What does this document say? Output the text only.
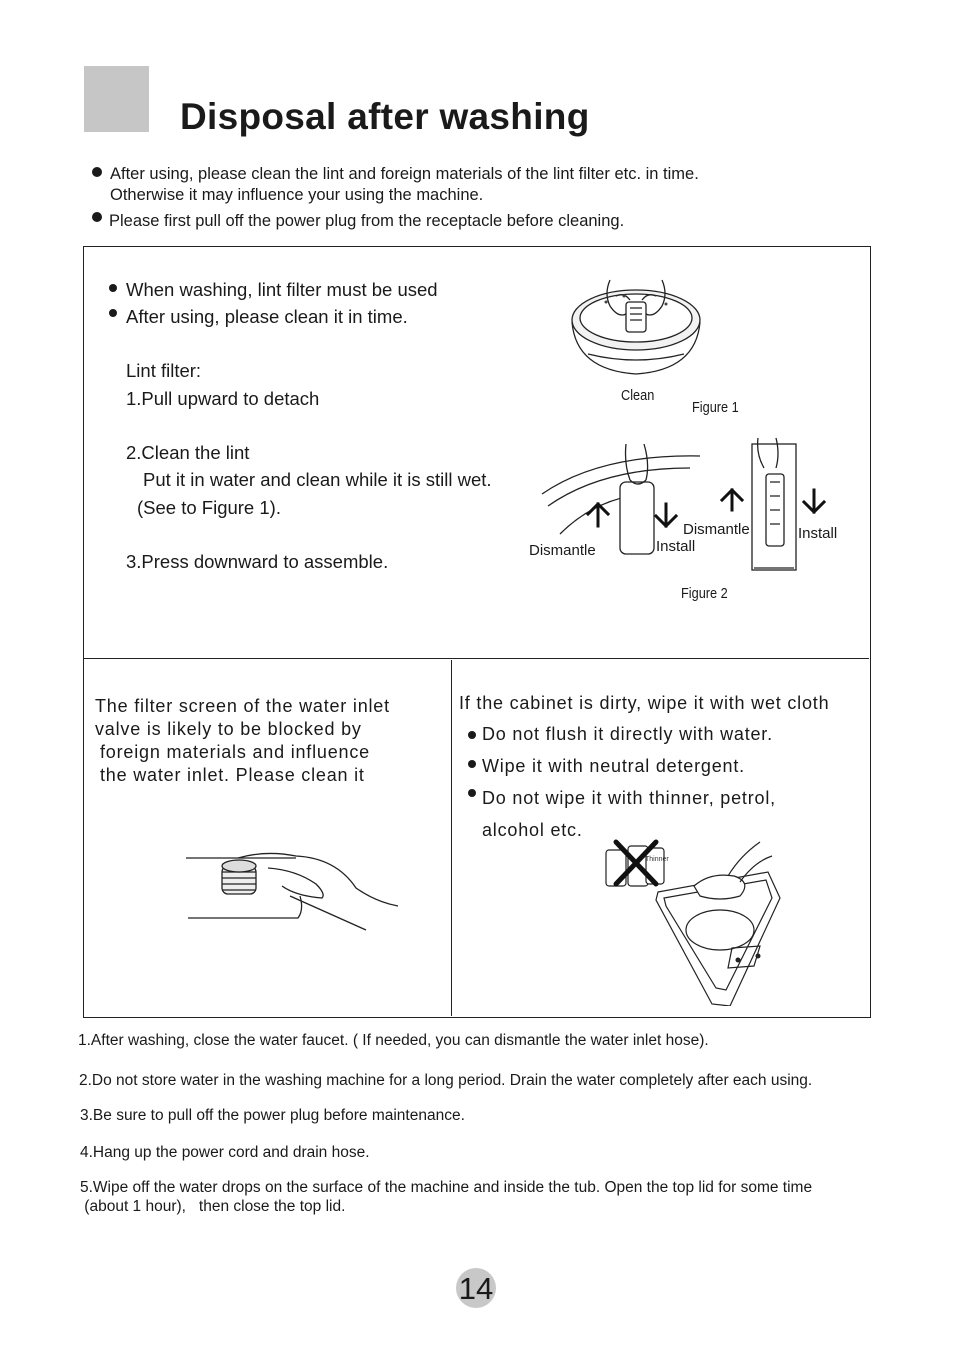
Disposal after washing
After using, please clean the lint and foreign materials of the lint filter etc. in time.
Otherwise it may influence your using the machine.
Please first pull off the power plug from the receptacle before cleaning.
When washing, lint filter must be used
After using, please clean it in time.
Lint filter:
1.Pull upward to detach
2.Clean the lint
Put it in water and clean while it is still wet.
(See to Figure 1).
3.Press downward to assemble.
Clean
Figure 1
Dismantle	Install
Dismantle	Install
Figure 2
The filter screen of the water inlet
valve is likely to be blocked by
foreign materials and influence
the water inlet. Please clean it
If the cabinet is dirty, wipe it with wet cloth
Do not flush it directly with water.
Wipe it with neutral detergent.
Do not wipe it with thinner, petrol,
alcohol etc.
Thinner
1.After washing, close the water faucet. ( If needed, you can dismantle the water inlet hose).
2.Do not store water in the washing machine for a long period. Drain the water completely after each using.
3.Be sure to pull off the power plug before maintenance.
4.Hang up the power cord and drain hose.
5.Wipe off the water drops on the surface of the machine and inside the tub. Open the top lid for some time
(about 1 hour),   then close the top lid.
14
